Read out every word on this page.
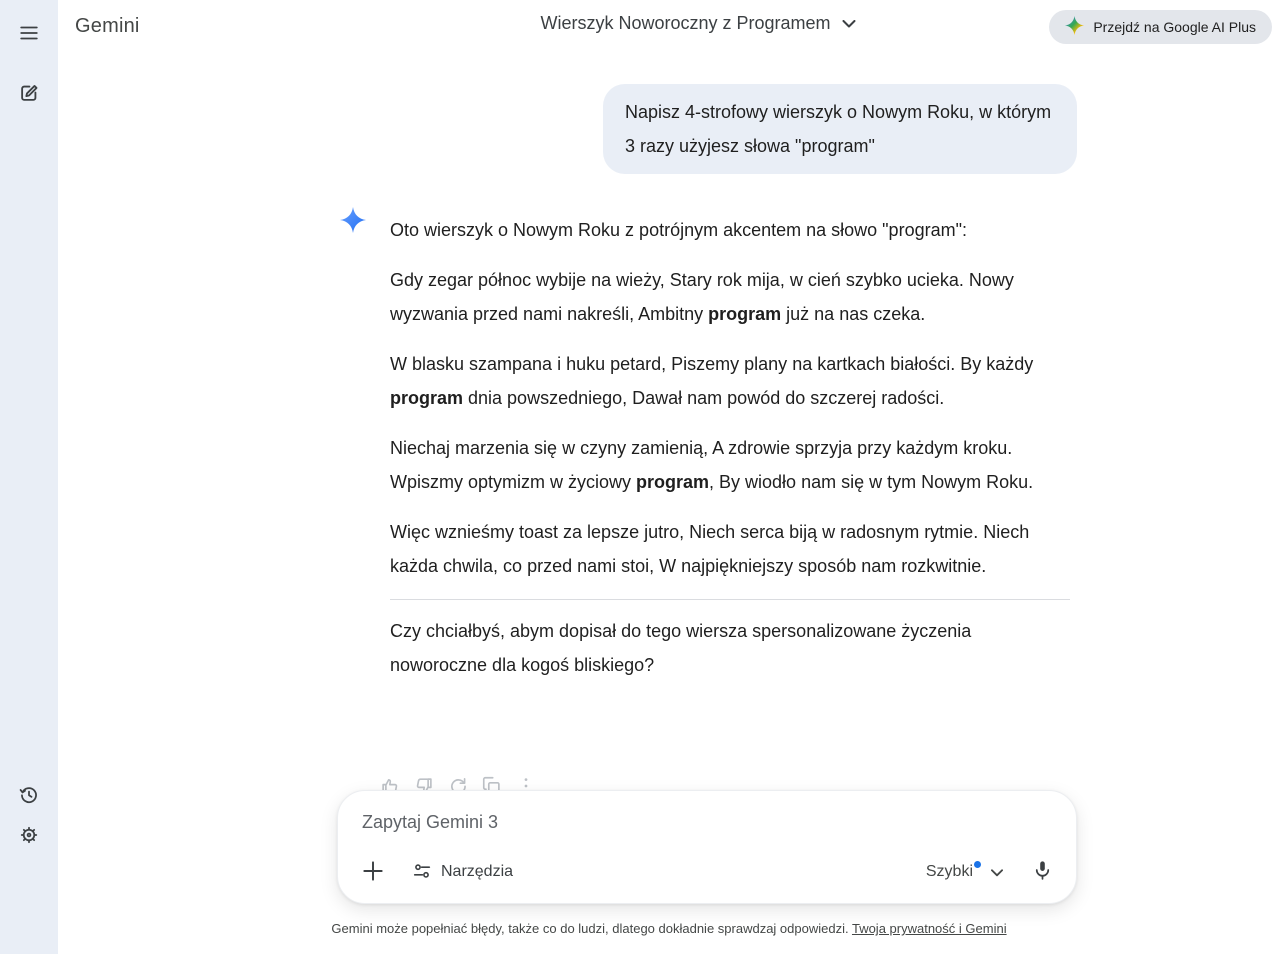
Gemini	Wierszyk Noworoczny z Programem	Przejdź na Google AI Plus
Napisz 4-strofowy wierszyk o Nowym Roku, w którym 3 razy użyjesz słowa "program"

Oto wierszyk o Nowym Roku z potrójnym akcentem na słowo "program":

Gdy zegar północ wybije na wieży, Stary rok mija, w cień szybko ucieka. Nowy wyzwania przed nami nakreśli, Ambitny program już na nas czeka.

W blasku szampana i huku petard, Piszemy plany na kartkach białości. By każdy program dnia powszedniego, Dawał nam powód do szczerej radości.

Niechaj marzenia się w czyny zamienią, A zdrowie sprzyja przy każdym kroku. Wpiszmy optymizm w życiowy program, By wiodło nam się w tym Nowym Roku.

Więc wznieśmy toast za lepsze jutro, Niech serca biją w radosnym rytmie. Niech każda chwila, co przed nami stoi, W najpiękniejszy sposób nam rozkwitnie.

Czy chciałbyś, abym dopisał do tego wiersza spersonalizowane życzenia noworoczne dla kogoś bliskiego?

Zapytaj Gemini 3
Narzędzia	Szybki
Gemini może popełniać błędy, także co do ludzi, dlatego dokładnie sprawdzaj odpowiedzi. Twoja prywatność i Gemini
